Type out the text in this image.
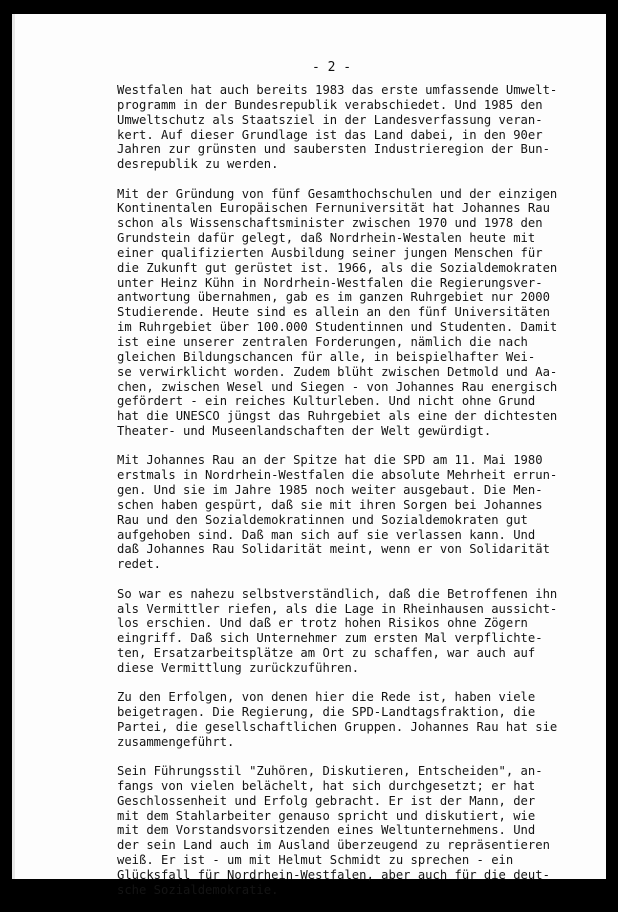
- 2 -
Westfalen hat auch bereits 1983 das erste umfassende Umwelt-
programm in der Bundesrepublik verabschiedet. Und 1985 den
Umweltschutz als Staatsziel in der Landesverfassung veran-
kert. Auf dieser Grundlage ist das Land dabei, in den 90er
Jahren zur grünsten und saubersten Industrieregion der Bun-
desrepublik zu werden.
Mit der Gründung von fünf Gesamthochschulen und der einzigen
Kontinentalen Europäischen Fernuniversität hat Johannes Rau
schon als Wissenschaftsminister zwischen 1970 und 1978 den
Grundstein dafür gelegt, daß Nordrhein-Westalen heute mit
einer qualifizierten Ausbildung seiner jungen Menschen für
die Zukunft gut gerüstet ist. 1966, als die Sozialdemokraten
unter Heinz Kühn in Nordrhein-Westfalen die Regierungsver-
antwortung übernahmen, gab es im ganzen Ruhrgebiet nur 2000
Studierende. Heute sind es allein an den fünf Universitäten
im Ruhrgebiet über 100.000 Studentinnen und Studenten. Damit
ist eine unserer zentralen Forderungen, nämlich die nach
gleichen Bildungschancen für alle, in beispielhafter Wei-
se verwirklicht worden. Zudem blüht zwischen Detmold und Aa-
chen, zwischen Wesel und Siegen - von Johannes Rau energisch
gefördert - ein reiches Kulturleben. Und nicht ohne Grund
hat die UNESCO jüngst das Ruhrgebiet als eine der dichtesten
Theater- und Museenlandschaften der Welt gewürdigt.
Mit Johannes Rau an der Spitze hat die SPD am 11. Mai 1980
erstmals in Nordrhein-Westfalen die absolute Mehrheit errun-
gen. Und sie im Jahre 1985 noch weiter ausgebaut. Die Men-
schen haben gespürt, daß sie mit ihren Sorgen bei Johannes
Rau und den Sozialdemokratinnen und Sozialdemokraten gut
aufgehoben sind. Daß man sich auf sie verlassen kann. Und
daß Johannes Rau Solidarität meint, wenn er von Solidarität
redet.
So war es nahezu selbstverständlich, daß die Betroffenen ihn
als Vermittler riefen, als die Lage in Rheinhausen aussicht-
los erschien. Und daß er trotz hohen Risikos ohne Zögern
eingriff. Daß sich Unternehmer zum ersten Mal verpflichte-
ten, Ersatzarbeitsplätze am Ort zu schaffen, war auch auf
diese Vermittlung zurückzuführen.
Zu den Erfolgen, von denen hier die Rede ist, haben viele
beigetragen. Die Regierung, die SPD-Landtagsfraktion, die
Partei, die gesellschaftlichen Gruppen. Johannes Rau hat sie
zusammengeführt.
Sein Führungsstil "Zuhören, Diskutieren, Entscheiden", an-
fangs von vielen belächelt, hat sich durchgesetzt; er hat
Geschlossenheit und Erfolg gebracht. Er ist der Mann, der
mit dem Stahlarbeiter genauso spricht und diskutiert, wie
mit dem Vorstandsvorsitzenden eines Weltunternehmens. Und
der sein Land auch im Ausland überzeugend zu repräsentieren
weiß. Er ist - um mit Helmut Schmidt zu sprechen - ein
Glücksfall für Nordrhein-Westfalen, aber auch für die deut-
sche Sozialdemokratie.
